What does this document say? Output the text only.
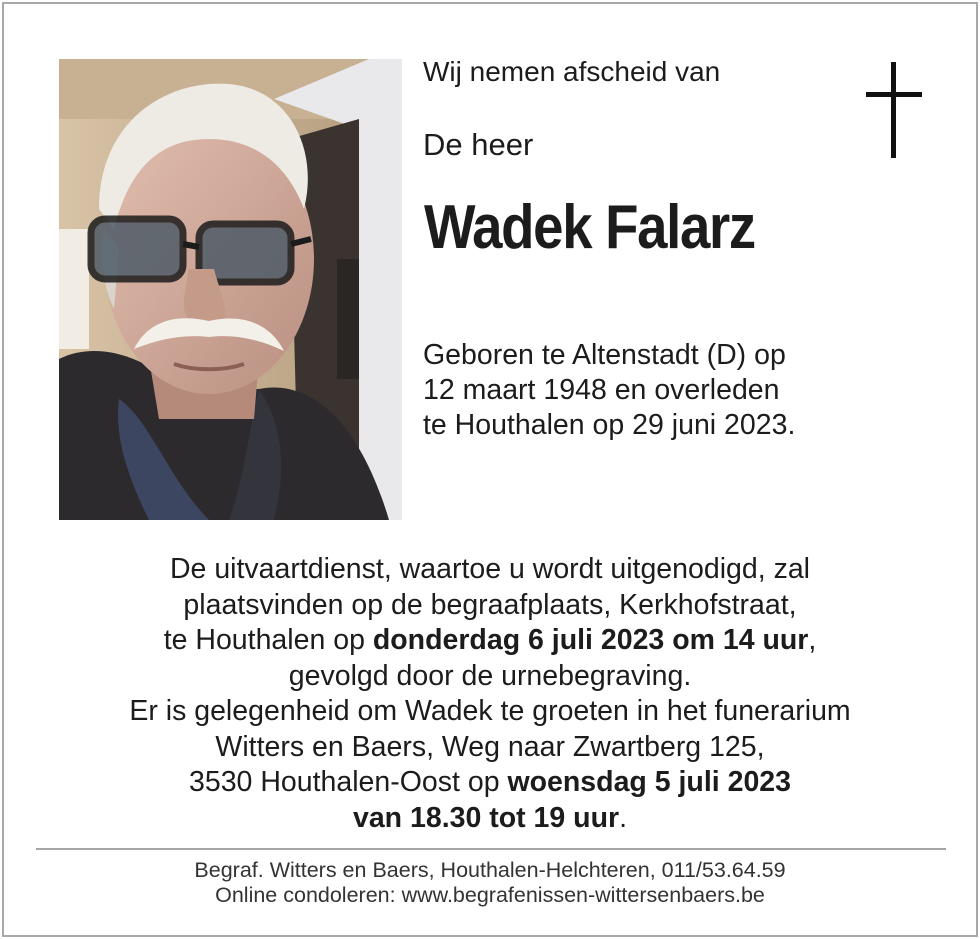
Wij nemen afscheid van
De heer
Wadek Falarz
Geboren te Altenstadt (D) op
12 maart 1948 en overleden
te Houthalen op 29 juni 2023.
De uitvaartdienst, waartoe u wordt uitgenodigd, zal
plaatsvinden op de begraafplaats, Kerkhofstraat,
te Houthalen op donderdag 6 juli 2023 om 14 uur,
gevolgd door de urnebegraving.
Er is gelegenheid om Wadek te groeten in het funerarium
Witters en Baers, Weg naar Zwartberg 125,
3530 Houthalen-Oost op woensdag 5 juli 2023
van 18.30 tot 19 uur.
Begraf. Witters en Baers, Houthalen-Helchteren, 011/53.64.59
Online condoleren: www.begrafenissen-wittersenbaers.be
